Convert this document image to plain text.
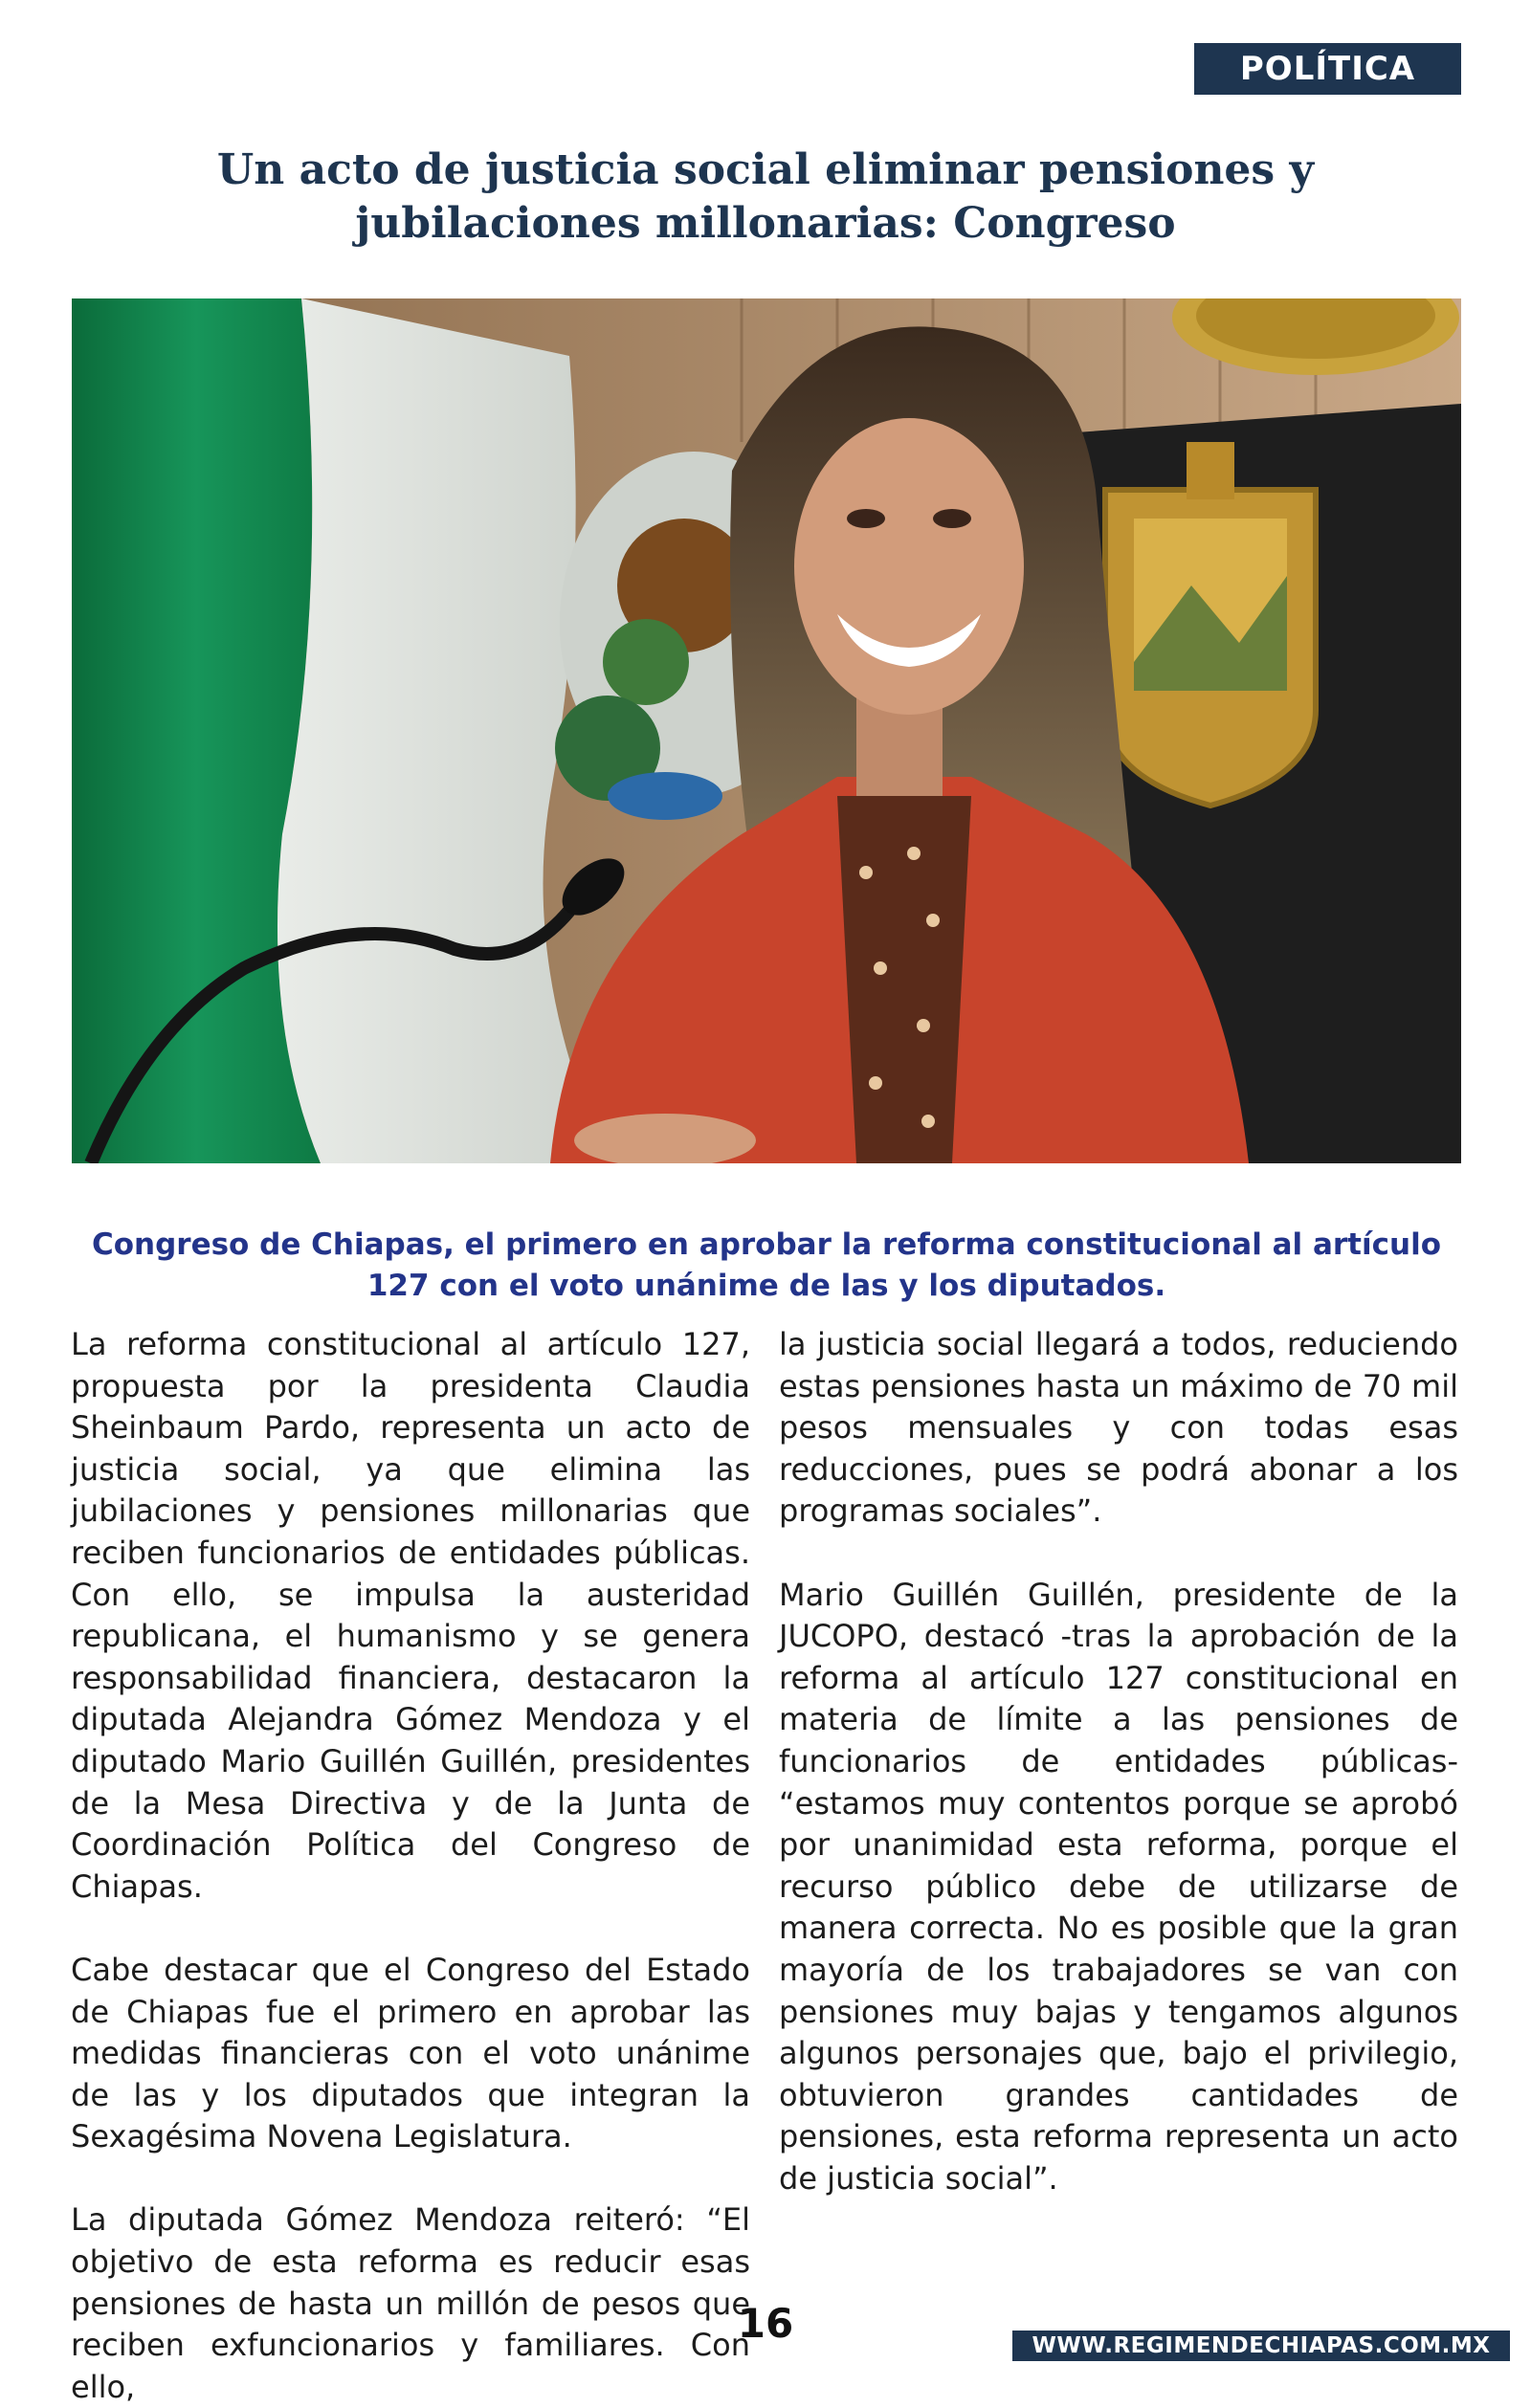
POLÍTICA
Un acto de justicia social eliminar pensiones y jubilaciones millonarias: Congreso

Congreso de Chiapas, el primero en aprobar la reforma constitucional al artículo 127 con el voto unánime de las y los diputados.

La reforma constitucional al artículo 127, propuesta por la presidenta Claudia Sheinbaum Pardo, representa un acto de justicia social, ya que elimina las jubilaciones y pensiones millonarias que reciben funcionarios de entidades públicas. Con ello, se impulsa la austeridad republicana, el humanismo y se genera responsabilidad financiera, destacaron la diputada Alejandra Gómez Mendoza y el diputado Mario Guillén Guillén, presidentes de la Mesa Directiva y de la Junta de Coordinación Política del Congreso de Chiapas.

Cabe destacar que el Congreso del Estado de Chiapas fue el primero en aprobar las medidas financieras con el voto unánime de las y los diputados que integran la Sexagésima Novena Legislatura.

La diputada Gómez Mendoza reiteró: “El objetivo de esta reforma es reducir esas pensiones de hasta un millón de pesos que reciben exfuncionarios y familiares. Con ello,

la justicia social llegará a todos, reduciendo estas pensiones hasta un máximo de 70 mil pesos mensuales y con todas esas reducciones, pues se podrá abonar a los programas sociales”.

Mario Guillén Guillén, presidente de la JUCOPO, destacó -tras la aprobación de la reforma al artículo 127 constitucional en materia de límite a las pensiones de funcionarios de entidades públicas- “estamos muy contentos porque se aprobó por unanimidad esta reforma, porque el recurso público debe de utilizarse de manera correcta. No es posible que la gran mayoría de los trabajadores se van con pensiones muy bajas y tengamos algunos algunos personajes que, bajo el privilegio, obtuvieron grandes cantidades de pensiones, esta reforma representa un acto de justicia social”.

16	WWW.REGIMENDECHIAPAS.COM.MX
